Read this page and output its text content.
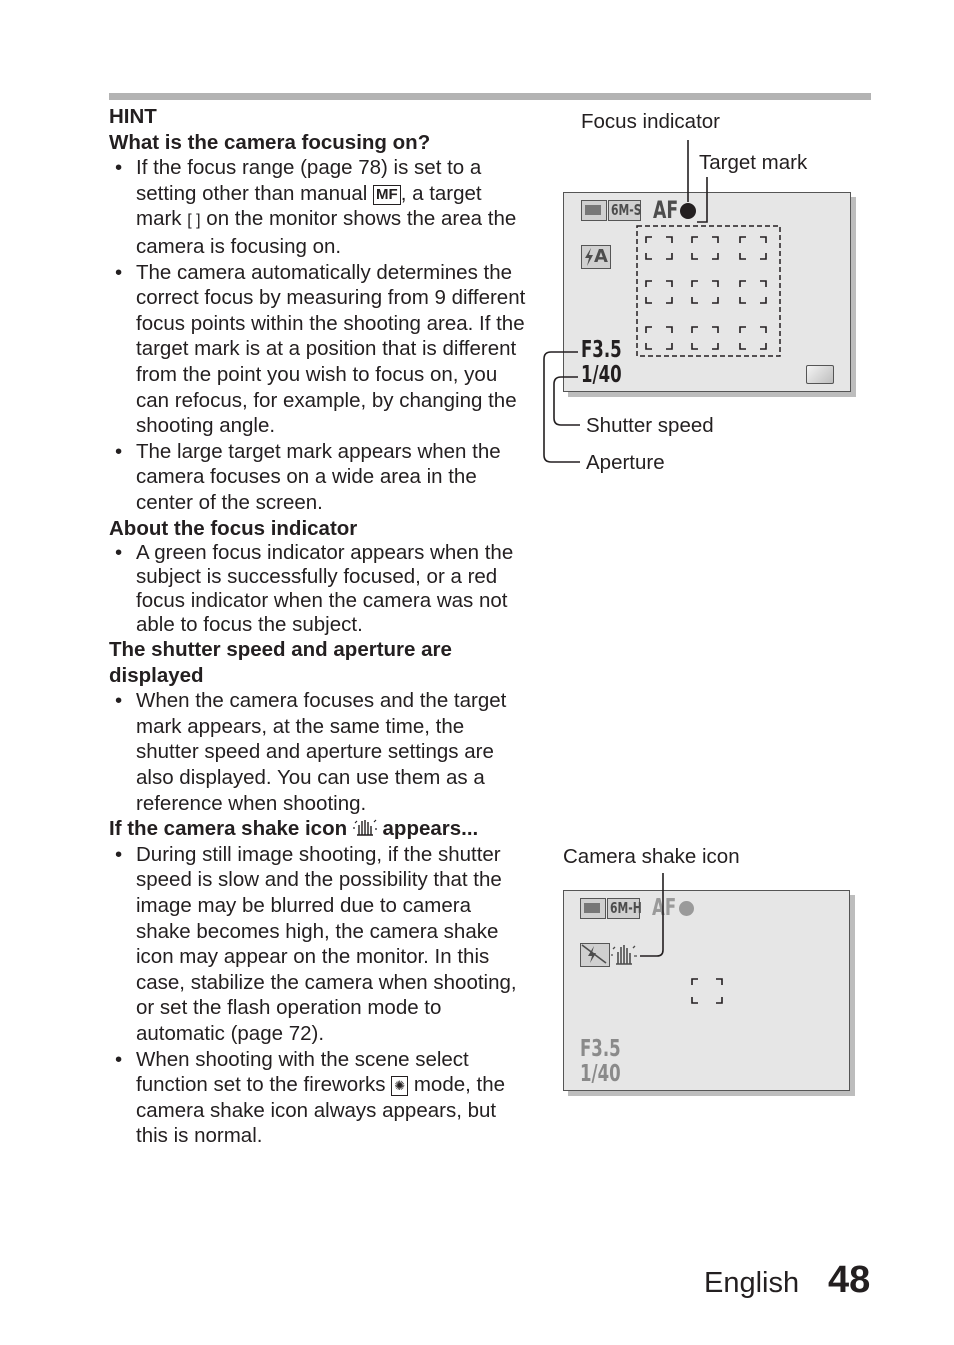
HINT
What is the camera focusing on?
• If the focus range (page 78) is set to a setting other than manual MF , a target mark [ ] on the monitor shows the area the camera is focusing on.
• The camera automatically determines the correct focus by measuring from 9 different focus points within the shooting area. If the target mark is at a position that is different from the point you wish to focus on, you can refocus, for example, by changing the shooting angle.
• The large target mark appears when the camera focuses on a wide area in the center of the screen.
About the focus indicator
• A green focus indicator appears when the subject is successfully focused, or a red focus indicator when the camera was not able to focus the subject.
The shutter speed and aperture are displayed
• When the camera focuses and the target mark appears, at the same time, the shutter speed and aperture settings are also displayed. You can use them as a reference when shooting.
If the camera shake icon  appears...
• During still image shooting, if the shutter speed is slow and the possibility that the image may be blurred due to camera shake becomes high, the camera shake icon may appear on the monitor. In this case, stabilize the camera when shooting, or set the flash operation mode to automatic (page 72).
• When shooting with the scene select function set to the fireworks ✺ mode, the camera shake icon always appears, but this is normal.
Focus indicator
Target mark
6M-S AF
A
F3.5
1/40
Shutter speed
Aperture
Camera shake icon
6M-H AF
F3.5
1/40
English 48
